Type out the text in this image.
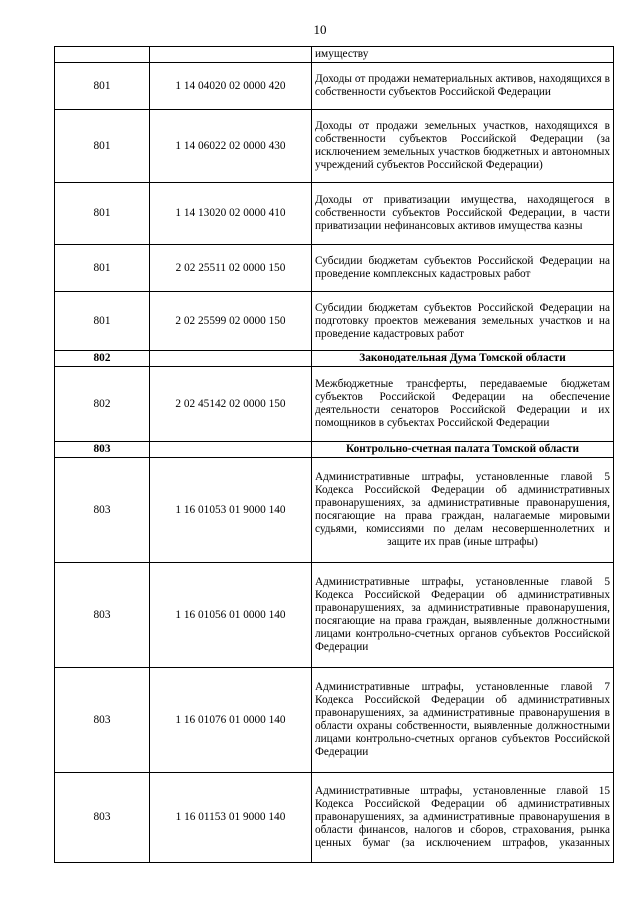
10
		имуществу
801	1 14 04020 02 0000 420	Доходы от продажи нематериальных активов, находящихся в собственности субъектов Российской Федерации
801	1 14 06022 02 0000 430	Доходы от продажи земельных участков, находящихся в собственности субъектов Российской Федерации (за исключением земельных участков бюджетных и автономных учреждений субъектов Российской Федерации)
801	1 14 13020 02 0000 410	Доходы от приватизации имущества, находящегося в собственности субъектов Российской Федерации, в части приватизации нефинансовых активов имущества казны
801	2 02 25511 02 0000 150	Субсидии бюджетам субъектов Российской Федерации на проведение комплексных кадастровых работ
801	2 02 25599 02 0000 150	Субсидии бюджетам субъектов Российской Федерации на подготовку проектов межевания земельных участков и на проведение кадастровых работ
802		Законодательная Дума Томской области
802	2 02 45142 02 0000 150	Межбюджетные трансферты, передаваемые бюджетам субъектов Российской Федерации на обеспечение деятельности сенаторов Российской Федерации и их помощников в субъектах Российской Федерации
803		Контрольно-счетная палата Томской области
803	1 16 01053 01 9000 140	Административные штрафы, установленные главой 5 Кодекса Российской Федерации об административных правонарушениях, за административные правонарушения, посягающие на права граждан, налагаемые мировыми судьями, комиссиями по делам несовершеннолетних и защите их прав (иные штрафы)
803	1 16 01056 01 0000 140	Административные штрафы, установленные главой 5 Кодекса Российской Федерации об административных правонарушениях, за административные правонарушения, посягающие на права граждан, выявленные должностными лицами контрольно-счетных органов субъектов Российской Федерации
803	1 16 01076 01 0000 140	Административные штрафы, установленные главой 7 Кодекса Российской Федерации об административных правонарушениях, за административные правонарушения в области охраны собственности, выявленные должностными лицами контрольно-счетных органов субъектов Российской Федерации
803	1 16 01153 01 9000 140	Административные штрафы, установленные главой 15 Кодекса Российской Федерации об административных правонарушениях, за административные правонарушения в области финансов, налогов и сборов, страхования, рынка ценных бумаг (за исключением штрафов, указанных
